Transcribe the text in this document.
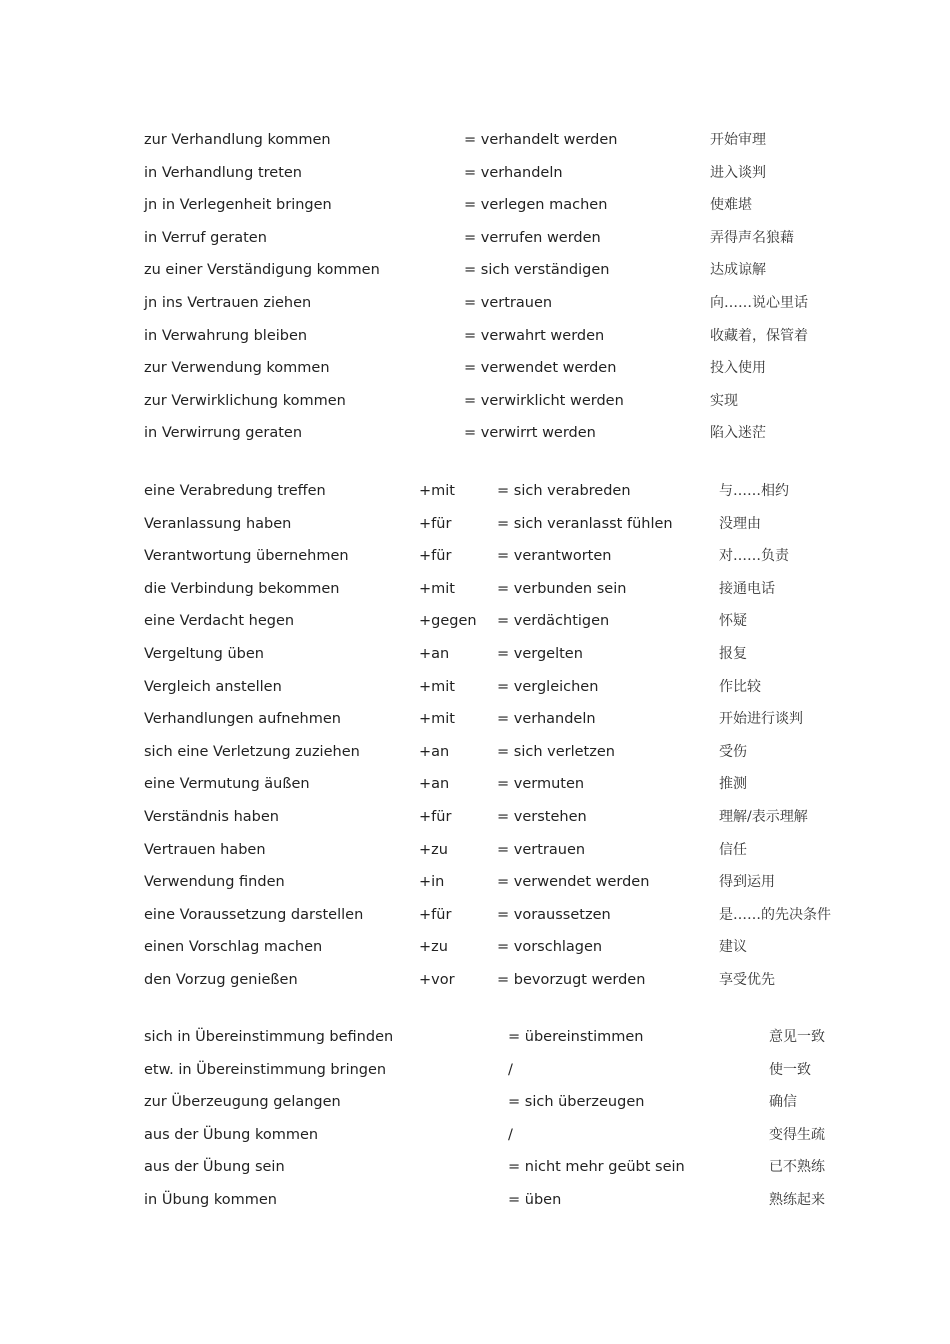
zur Verhandlung kommen	= verhandelt werden	开始审理
in Verhandlung treten	= verhandeln	进入谈判
jn in Verlegenheit bringen	= verlegen machen	使难堪
in Verruf geraten	= verrufen werden	弄得声名狼藉
zu einer Verständigung kommen	= sich verständigen	达成谅解
jn ins Vertrauen ziehen	= vertrauen	向……说心里话
in Verwahrung bleiben	= verwahrt werden	收藏着，保管着
zur Verwendung kommen	= verwendet werden	投入使用
zur Verwirklichung kommen	= verwirklicht werden	实现
in Verwirrung geraten	= verwirrt werden	陷入迷茫
eine Verabredung treffen	+mit	= sich verabreden	与……相约
Veranlassung haben	+für	= sich veranlasst fühlen	没理由
Verantwortung übernehmen	+für	= verantworten	对……负责
die Verbindung bekommen	+mit	= verbunden sein	接通电话
eine Verdacht hegen	+gegen = verdächtigen	怀疑
Vergeltung üben	+an	= vergelten	报复
Vergleich anstellen	+mit	= vergleichen	作比较
Verhandlungen aufnehmen	+mit	= verhandeln	开始进行谈判
sich eine Verletzung zuziehen	+an	= sich verletzen	受伤
eine Vermutung äußen	+an	= vermuten	推测
Verständnis haben	+für	= verstehen	理解/表示理解
Vertrauen haben	+zu	= vertrauen	信任
Verwendung finden	+in	= verwendet werden	得到运用
eine Voraussetzung darstellen	+für	= voraussetzen	是……的先决条件
einen Vorschlag machen	+zu	= vorschlagen	建议
den Vorzug genießen	+vor	= bevorzugt werden	享受优先
sich in Übereinstimmung befinden	= übereinstimmen	意见一致
etw. in Übereinstimmung bringen	/	使一致
zur Überzeugung gelangen	= sich überzeugen	确信
aus der Übung kommen	/	变得生疏
aus der Übung sein	= nicht mehr geübt sein	已不熟练
in Übung kommen	= üben	熟练起来
